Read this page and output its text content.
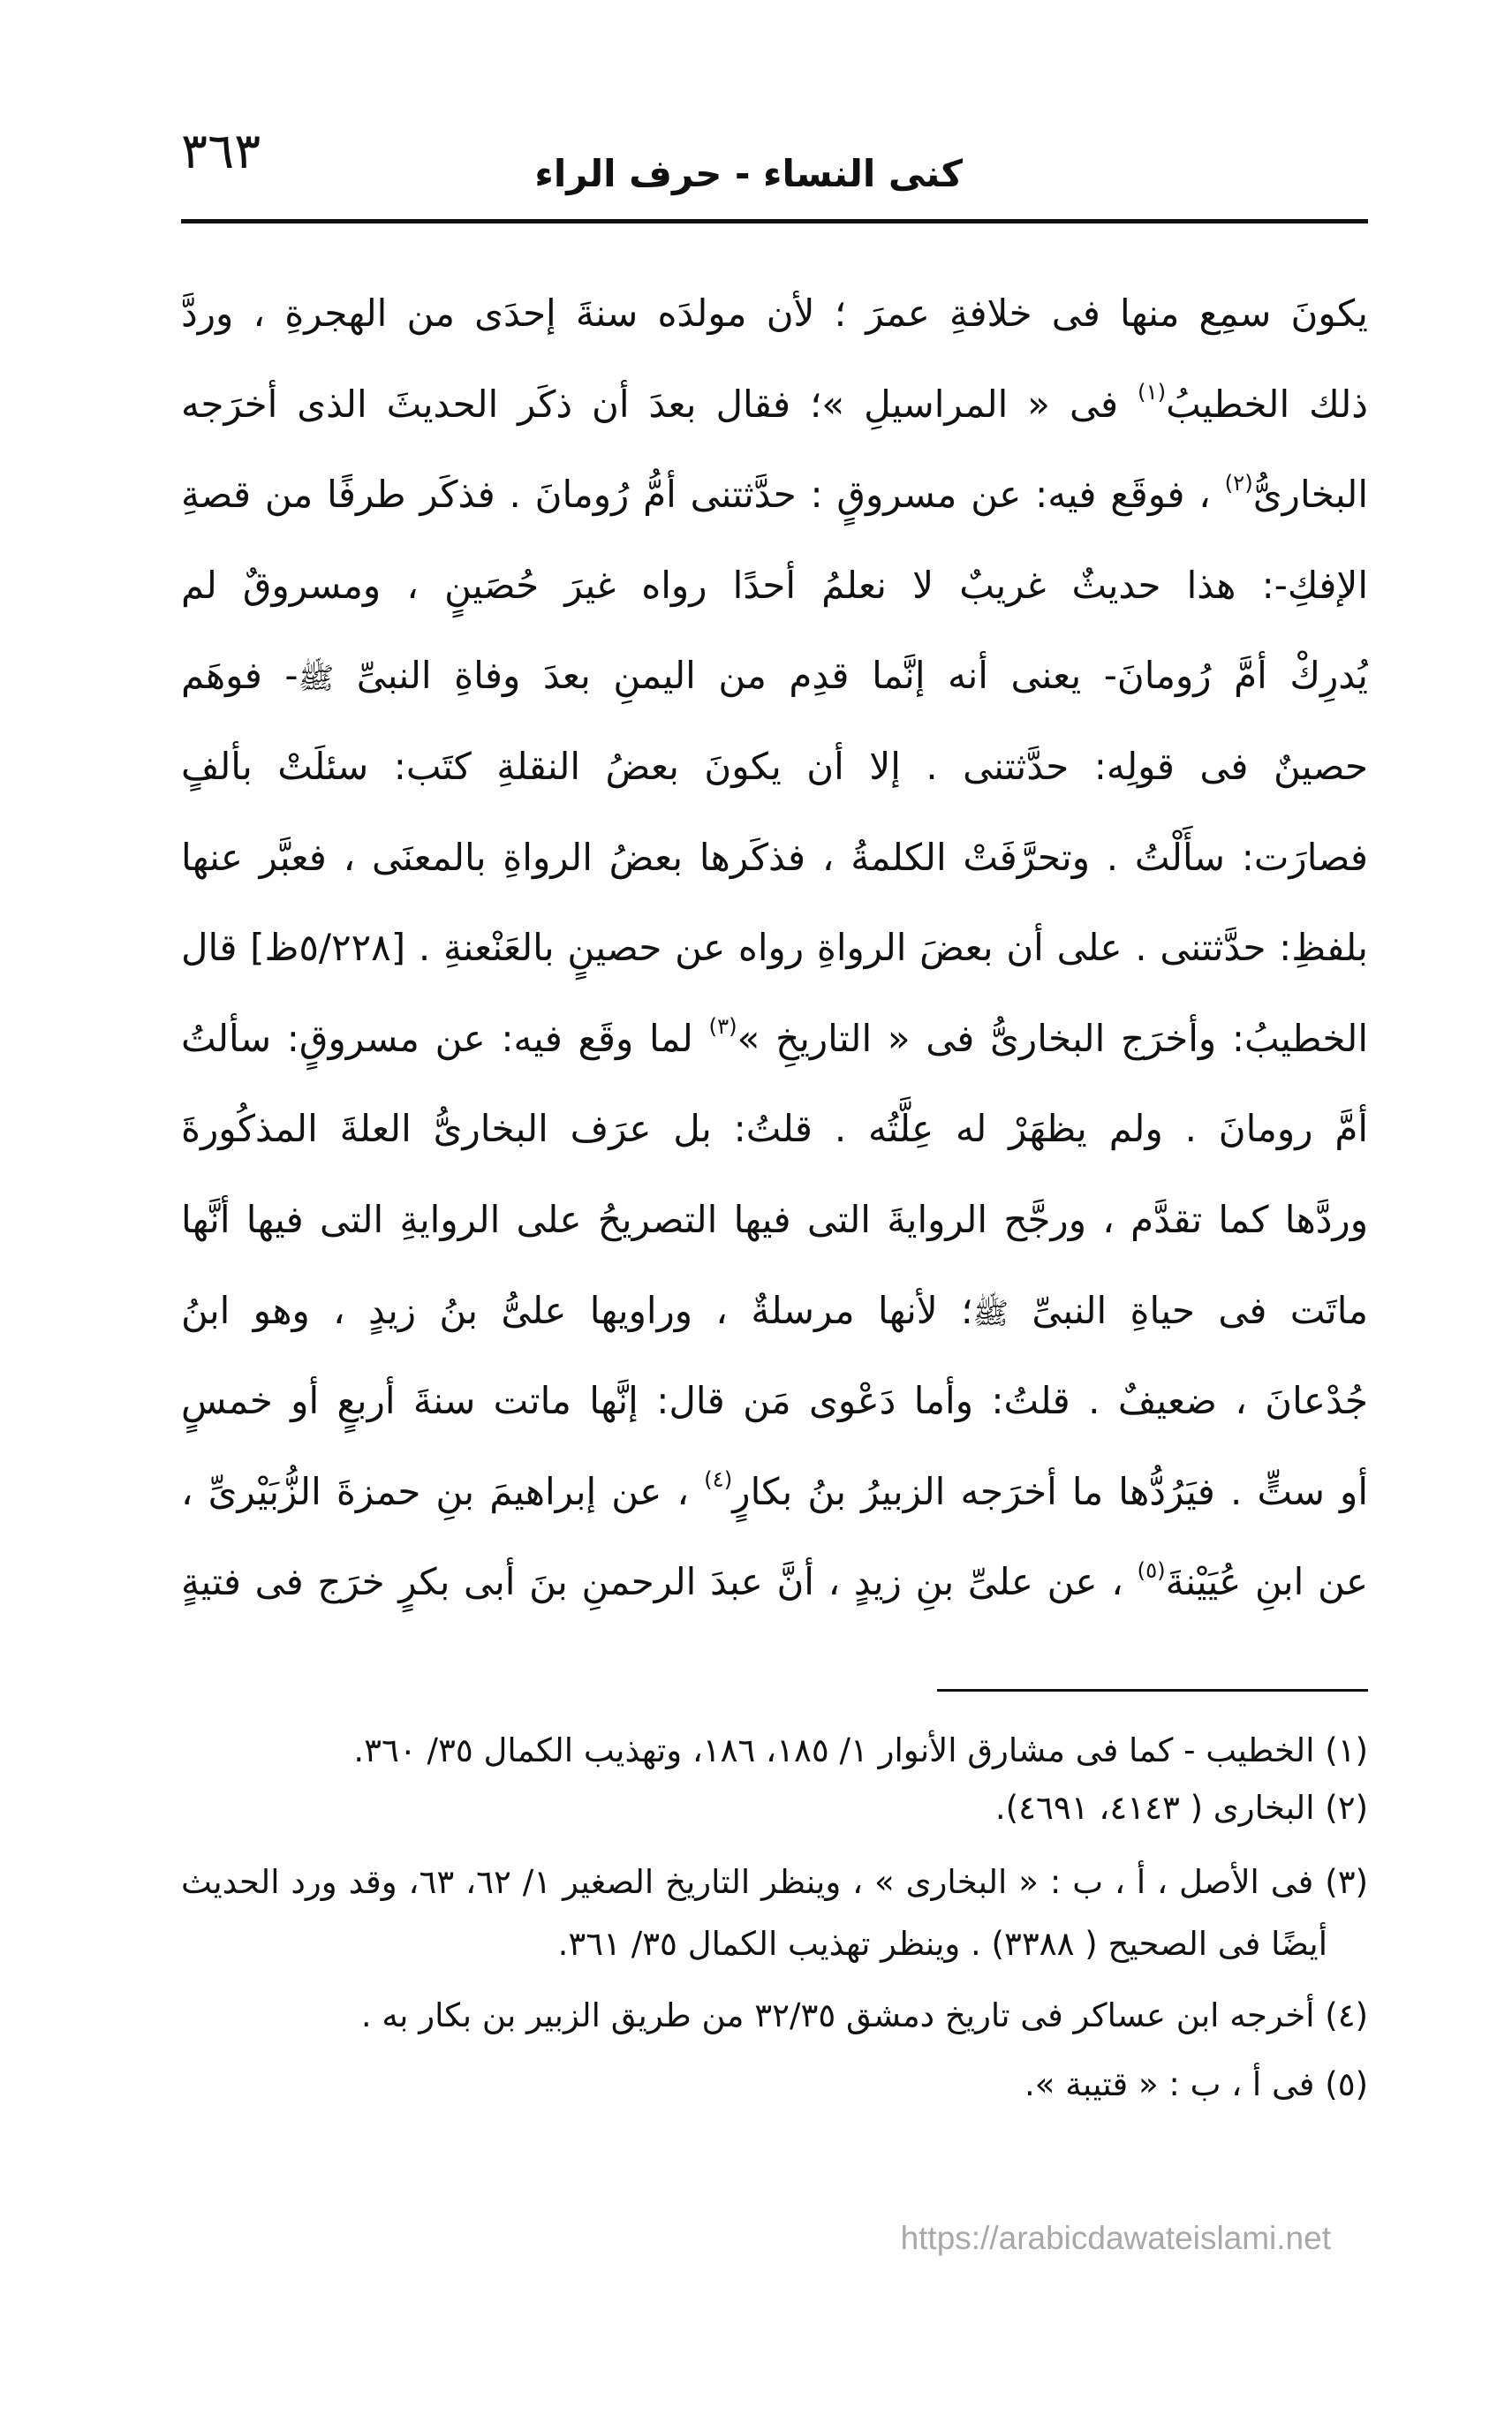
٣٦٣	كنى النساء - حرف الراء
يكونَ سمِع منها فى خلافةِ عمرَ ؛ لأن مولدَه سنةَ إحدَى من الهجرةِ ، وردَّ
ذلك الخطيبُ$^{(١)}$ فى « المراسيلِ »؛ فقال بعدَ أن ذكَر الحديثَ الذى أخرَجه
البخارىُّ$^{(٢)}$ ، فوقَع فيه: عن مسروقٍ : حدَّثتنى أمُّ رُومانَ . فذكَر طرفًا من قصةِ
الإفكِ-: هذا حديثٌ غريبٌ لا نعلمُ أحدًا رواه غيرَ حُصَينٍ ، ومسروقٌ لم
يُدرِكْ أمَّ رُومانَ- يعنى أنه إنَّما قدِم من اليمنِ بعدَ وفاةِ النبىِّ ﷺ- فوهَم
حصينٌ فى قولِه: حدَّثتنى . إلا أن يكونَ بعضُ النقلةِ كتَب: سئلَتْ بألفٍ
فصارَت: سأَلْتُ . وتحرَّفَتْ الكلمةُ ، فذكَرها بعضُ الرواةِ بالمعنَى ، فعبَّر عنها
بلفظِ: حدَّثتنى . على أن بعضَ الرواةِ رواه عن حصينٍ بالعَنْعنةِ . [٥/٢٢٨ظ] قال
الخطيبُ: وأخرَج البخارىُّ فى « التاريخِ »$^{(٣)}$ لما وقَع فيه: عن مسروقٍ: سألتُ
أمَّ رومانَ . ولم يظهَرْ له عِلَّتُه . قلتُ: بل عرَف البخارىُّ العلةَ المذكُورةَ
وردَّها كما تقدَّم ، ورجَّح الروايةَ التى فيها التصريحُ على الروايةِ التى فيها أنَّها
ماتَت فى حياةِ النبىِّ ﷺ؛ لأنها مرسلةٌ ، وراويها علىُّ بنُ زيدٍ ، وهو ابنُ
جُدْعانَ ، ضعيفٌ . قلتُ: وأما دَعْوى مَن قال: إنَّها ماتت سنةَ أربعٍ أو خمسٍ
أو ستٍّ . فيَرُدُّها ما أخرَجه الزبيرُ بنُ بكارٍ$^{(٤)}$ ، عن إبراهيمَ بنِ حمزةَ الزُّبَيْرىِّ ،
عن ابنِ عُيَيْنةَ$^{(٥)}$ ، عن علىِّ بنِ زيدٍ ، أنَّ عبدَ الرحمنِ بنَ أبى بكرٍ خرَج فى فتيةٍ
(١) الخطيب - كما فى مشارق الأنوار ١/ ١٨٥، ١٨٦، وتهذيب الكمال ٣٥/ ٣٦٠.
(٢) البخارى ( ٤١٤٣، ٤٦٩١).
(٣) فى الأصل ، أ ، ب : « البخارى » ، وينظر التاريخ الصغير ١/ ٦٢، ٦٣، وقد ورد الحديث
أيضًا فى الصحيح ( ٣٣٨٨) . وينظر تهذيب الكمال ٣٥/ ٣٦١.
(٤) أخرجه ابن عساكر فى تاريخ دمشق ٣٢/٣٥ من طريق الزبير بن بكار به .
(٥) فى أ ، ب : « قتيبة ».
https://arabicdawateislami.net
